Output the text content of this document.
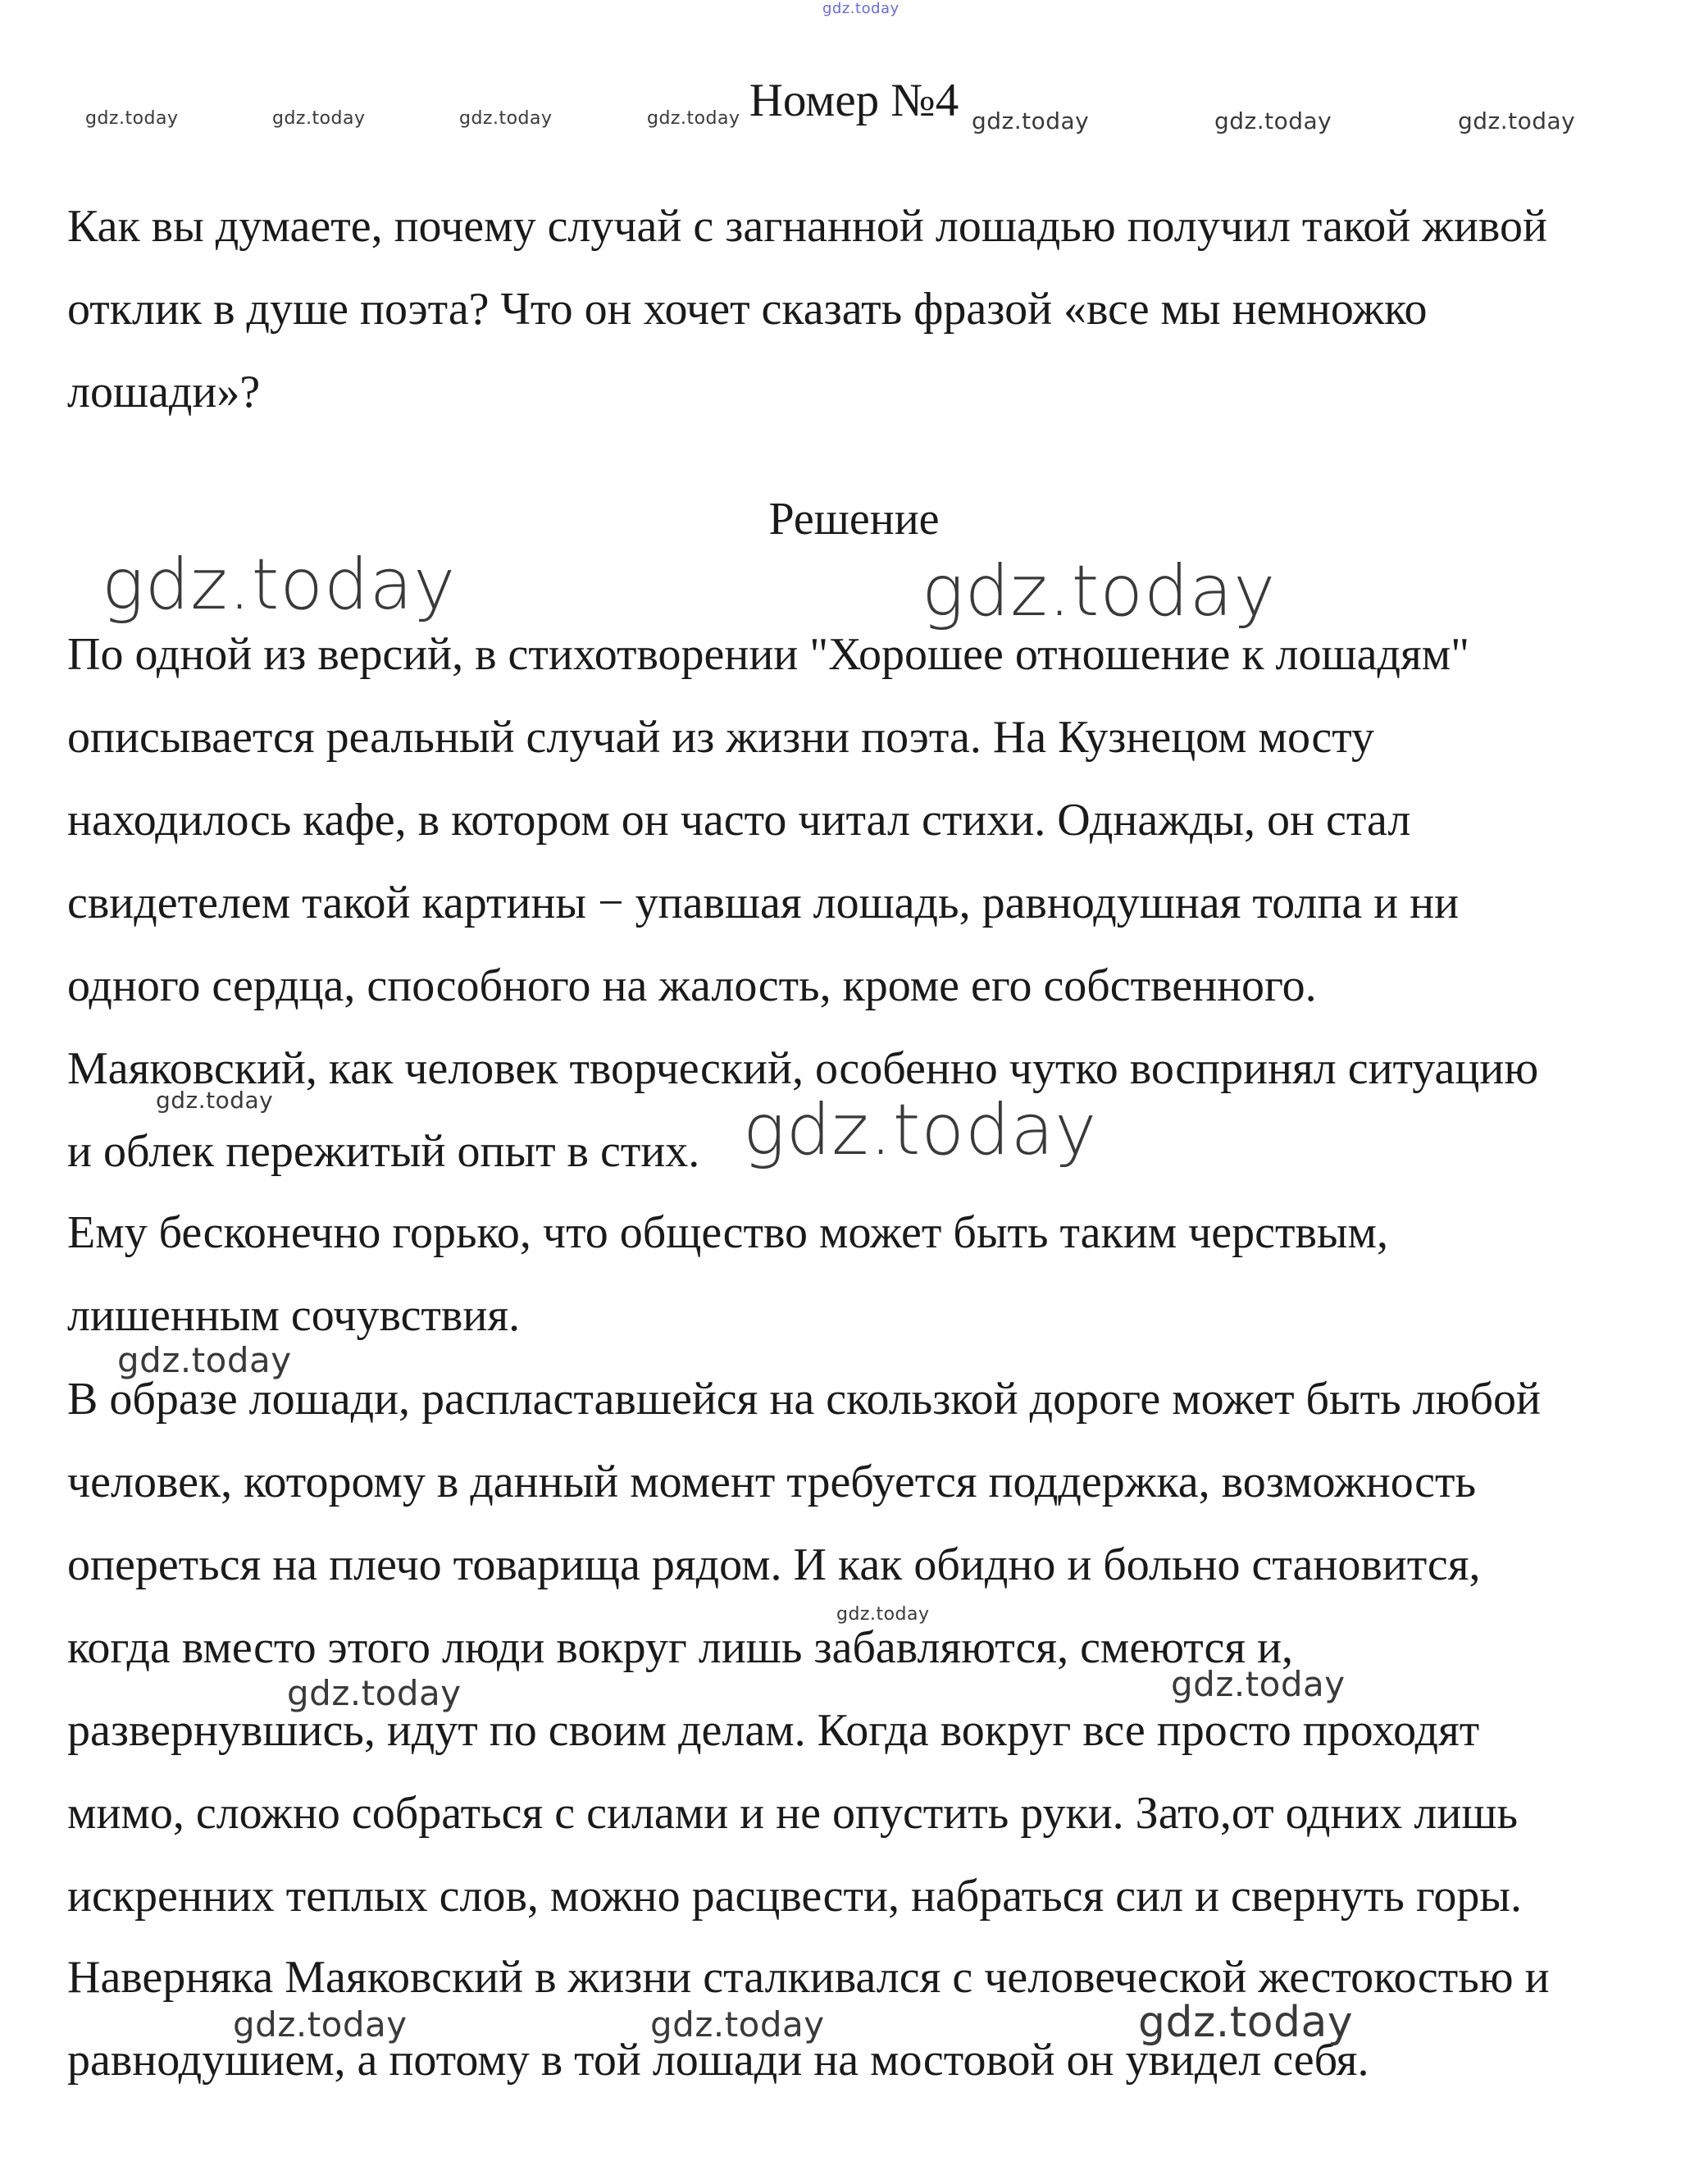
gdz.today
gdz.today	gdz.today	gdz.today	gdz.today	gdz.today	gdz.today	gdz.today
Номер №4
Как вы думаете, почему случай с загнанной лошадью получил такой живой
отклик в душе поэта? Что он хочет сказать фразой «все мы немножко
лошади»?
Решение
По одной из версий, в стихотворении "Хорошее отношение к лошадям"
описывается реальный случай из жизни поэта. На Кузнецом мосту
находилось кафе, в котором он часто читал стихи. Однажды, он стал
свидетелем такой картины − упавшая лошадь, равнодушная толпа и ни
одного сердца, способного на жалость, кроме его собственного.
Маяковский, как человек творческий, особенно чутко воспринял ситуацию
и облек пережитый опыт в стих.
Ему бесконечно горько, что общество может быть таким черствым,
лишенным сочувствия.
В образе лошади, распластавшейся на скользкой дороге может быть любой
человек, которому в данный момент требуется поддержка, возможность
опереться на плечо товарища рядом. И как обидно и больно становится,
когда вместо этого люди вокруг лишь забавляются, смеются и,
развернувшись, идут по своим делам. Когда вокруг все просто проходят
мимо, сложно собраться с силами и не опустить руки. Зато,от одних лишь
искренних теплых слов, можно расцвести, набраться сил и свернуть горы.
Наверняка Маяковский в жизни сталкивался с человеческой жестокостью и
равнодушием, а потому в той лошади на мостовой он увидел себя.
gdz.today	gdz.today
gdz.today	gdz.today
gdz.today
gdz.today
gdz.today
gdz.today
gdz.today	gdz.today	gdz.today
